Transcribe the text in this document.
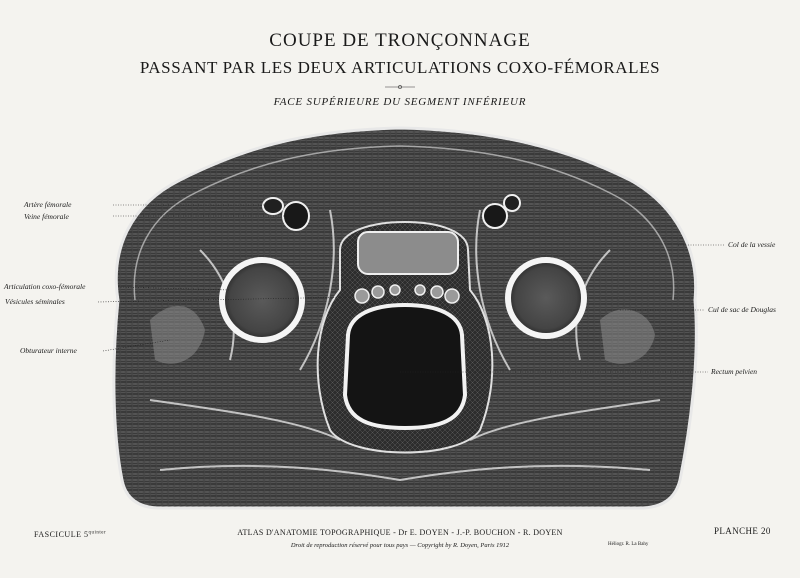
COUPE DE TRONÇONNAGE
PASSANT PAR LES DEUX ARTICULATIONS COXO-FÉMORALES
FACE SUPÉRIEURE DU SEGMENT INFÉRIEUR
Artère fémorale
Veine fémorale
Articulation coxo-fémorale
Vésicules séminales
Obturateur interne
Col de la vessie
Cul de sac de Douglas
Rectum pelvien
FASCICULE $5^{quinter}$	ATLAS D'ANATOMIE TOPOGRAPHIQUE - Dr E. DOYEN - J.-P. BOUCHON - R. DOYEN
Droit de reproduction réservé pour tous pays — Copyright by R. Doyen, Paris 1912	Héliogr. R. La Bahy
PLANCHE 20
